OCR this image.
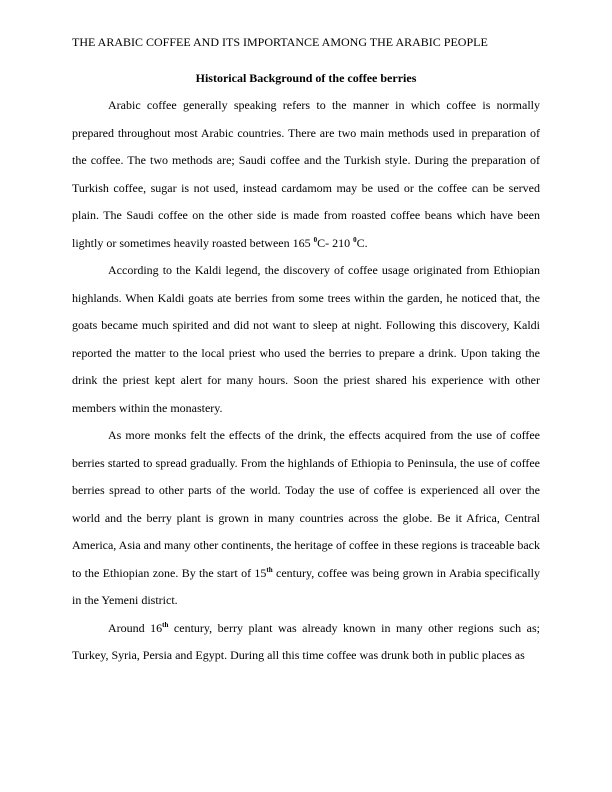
THE ARABIC COFFEE AND ITS IMPORTANCE AMONG THE ARABIC PEOPLE
Historical Background of the coffee berries

Arabic coffee generally speaking refers to the manner in which coffee is normally prepared throughout most Arabic countries. There are two main methods used in preparation of the coffee. The two methods are; Saudi coffee and the Turkish style. During the preparation of Turkish coffee, sugar is not used, instead cardamom may be used or the coffee can be served plain. The Saudi coffee on the other side is made from roasted coffee beans which have been lightly or sometimes heavily roasted between 165 $^0$C- 210 $^0$C.

According to the Kaldi legend, the discovery of coffee usage originated from Ethiopian highlands. When Kaldi goats ate berries from some trees within the garden, he noticed that, the goats became much spirited and did not want to sleep at night. Following this discovery, Kaldi reported the matter to the local priest who used the berries to prepare a drink. Upon taking the drink the priest kept alert for many hours. Soon the priest shared his experience with other members within the monastery.

As more monks felt the effects of the drink, the effects acquired from the use of coffee berries started to spread gradually. From the highlands of Ethiopia to Peninsula, the use of coffee berries spread to other parts of the world. Today the use of coffee is experienced all over the world and the berry plant is grown in many countries across the globe. Be it Africa, Central America, Asia and many other continents, the heritage of coffee in these regions is traceable back to the Ethiopian zone. By the start of 15th century, coffee was being grown in Arabia specifically in the Yemeni district.

Around 16th century, berry plant was already known in many other regions such as; Turkey, Syria, Persia and Egypt. During all this time coffee was drunk both in public places as
